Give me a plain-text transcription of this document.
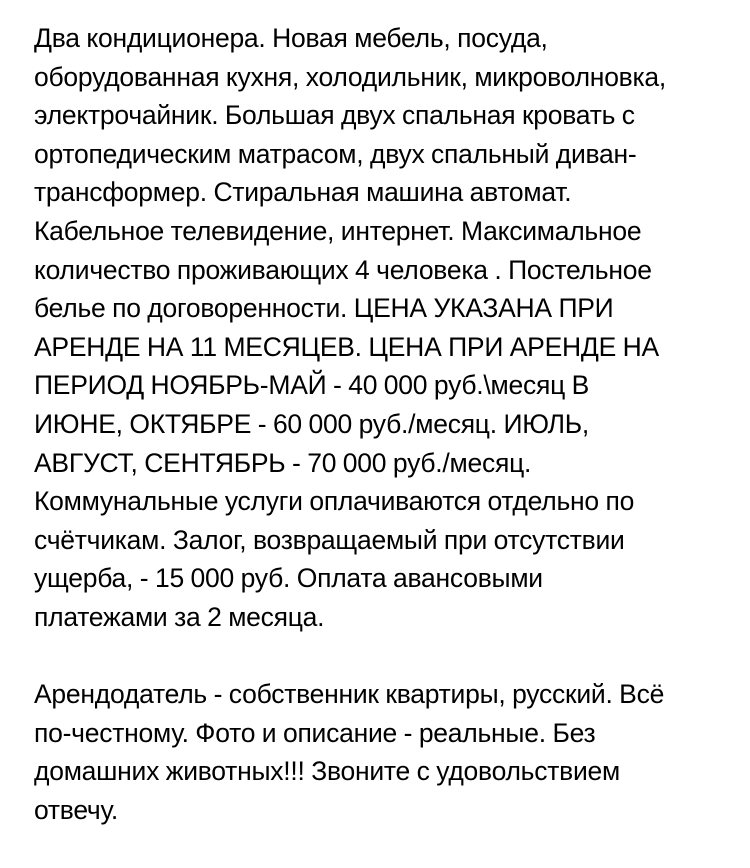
Два кондиционера. Новая мебель, посуда,
оборудованная кухня, холодильник, микроволновка,
электрочайник. Большая двух спальная кровать с
ортопедическим матрасом, двух спальный диван-
трансформер. Стиральная машина автомат.
Кабельное телевидение, интернет. Максимальное
количество проживающих 4 человека . Постельное
белье по договоренности. ЦЕНА УКАЗАНА ПРИ
АРЕНДЕ НА 11 МЕСЯЦЕВ. ЦЕНА ПРИ АРЕНДЕ НА
ПЕРИОД НОЯБРЬ-МАЙ - 40 000 руб.\месяц В
ИЮНЕ, ОКТЯБРЕ - 60 000 руб./месяц. ИЮЛЬ,
АВГУСТ, СЕНТЯБРЬ - 70 000 руб./месяц.
Коммунальные услуги оплачиваются отдельно по
счётчикам. Залог, возвращаемый при отсутствии
ущерба, - 15 000 руб. Оплата авансовыми
платежами за 2 месяца.

Арендодатель - собственник квартиры, русский. Всё
по-честному. Фото и описание - реальные. Без
домашних животных!!! Звоните с удовольствием
отвечу.
